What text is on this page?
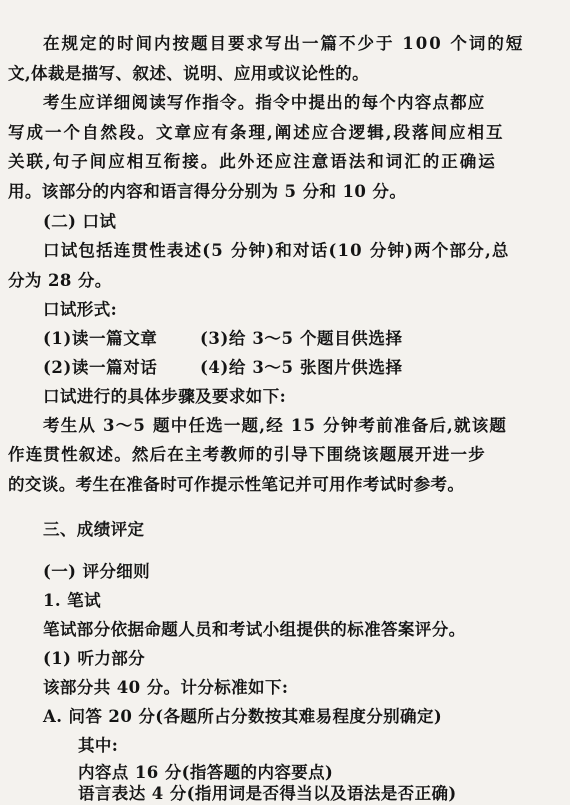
在规定的时间内按题目要求写出一篇不少于 100 个词的短
文,体裁是描写、叙述、说明、应用或议论性的。
考生应详细阅读写作指令。指令中提出的每个内容点都应
写成一个自然段。文章应有条理,阐述应合逻辑,段落间应相互
关联,句子间应相互衔接。此外还应注意语法和词汇的正确运
用。该部分的内容和语言得分分别为 5 分和 10 分。
(二) 口试
口试包括连贯性表述(5 分钟)和对话(10 分钟)两个部分,总
分为 28 分。
口试形式:
(1)读一篇文章	(3)给 3～5 个题目供选择
(2)读一篇对话	(4)给 3～5 张图片供选择
口试进行的具体步骤及要求如下:
考生从 3～5 题中任选一题,经 15 分钟考前准备后,就该题
作连贯性叙述。然后在主考教师的引导下围绕该题展开进一步
的交谈。考生在准备时可作提示性笔记并可用作考试时参考。
三、成绩评定
(一) 评分细则
1. 笔试
笔试部分依据命题人员和考试小组提供的标准答案评分。
(1) 听力部分
该部分共 40 分。计分标准如下:
A. 问答 20 分(各题所占分数按其难易程度分别确定)
其中:
内容点 16 分(指答题的内容要点)
语言表达 4 分(指用词是否得当以及语法是否正确)
